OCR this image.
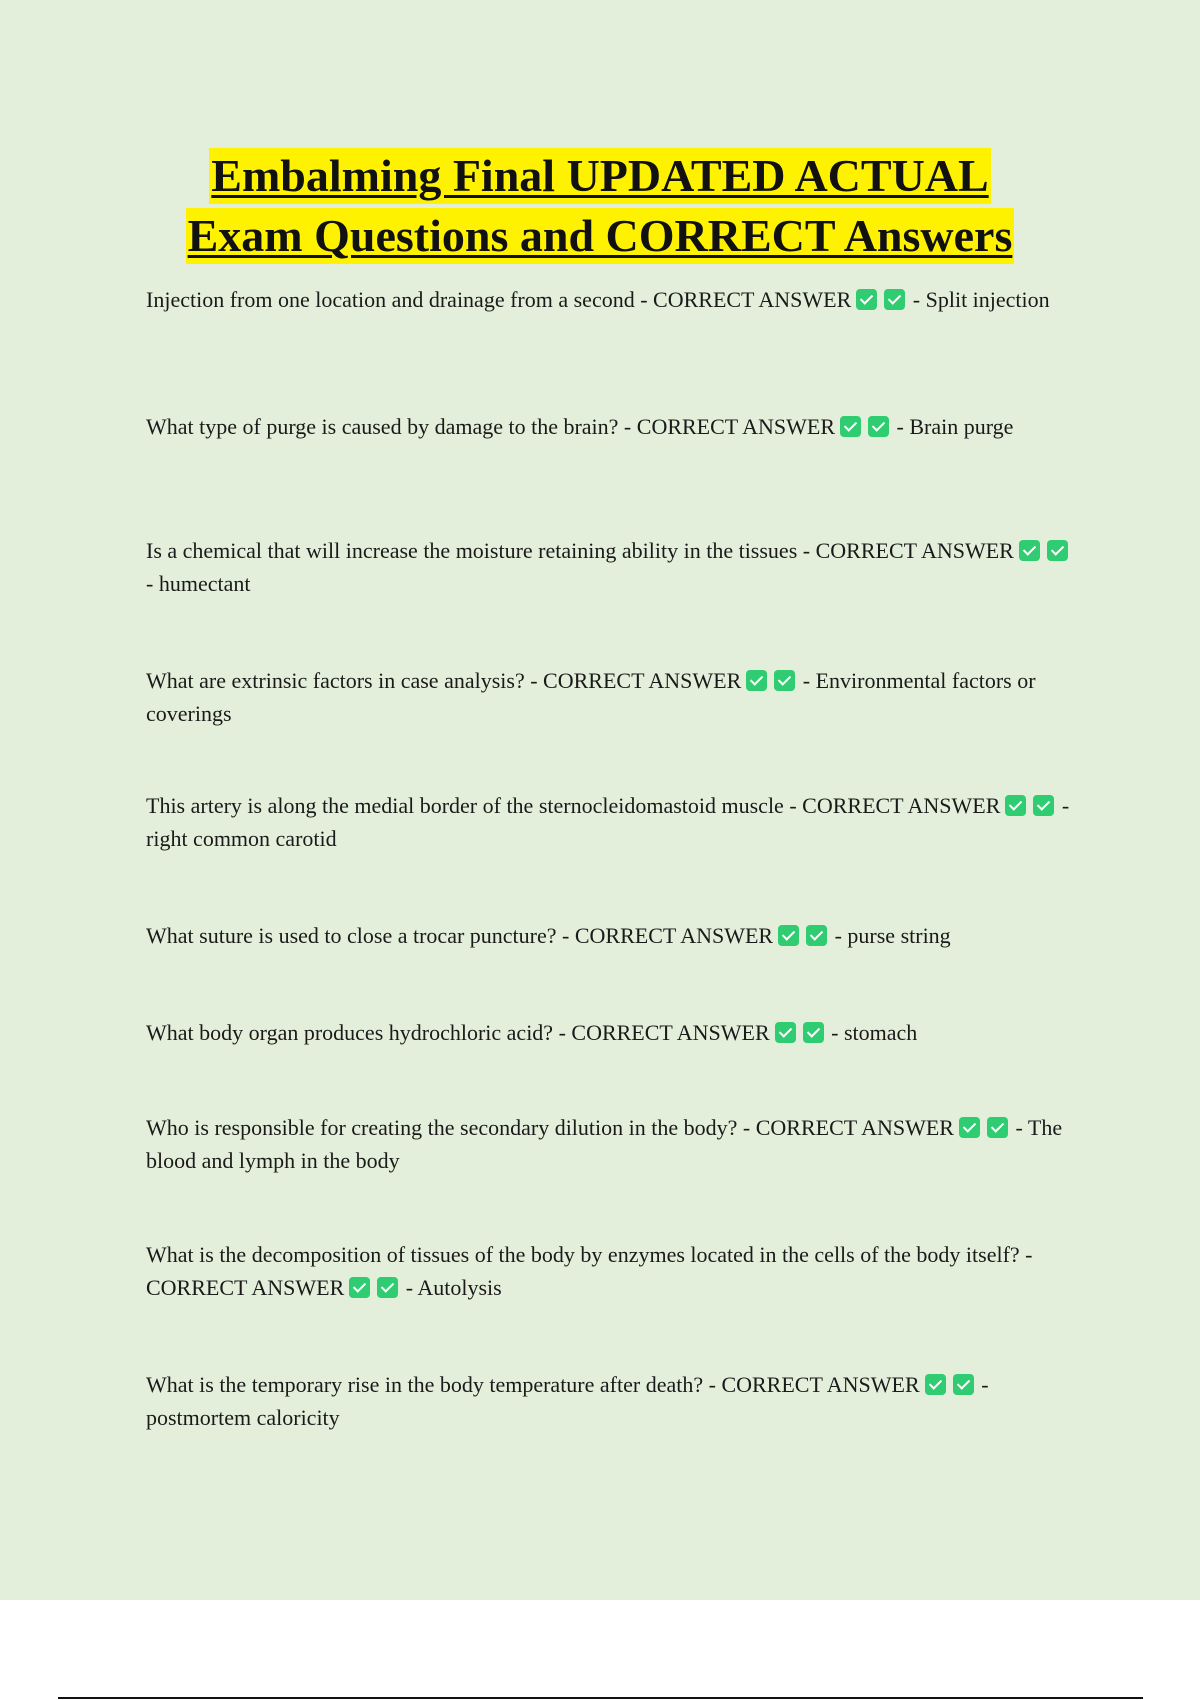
Embalming Final UPDATED ACTUAL
Exam Questions and CORRECT Answers
Injection from one location and drainage from a second - CORRECT ANSWER	- Split injection
What type of purge is caused by damage to the brain? - CORRECT ANSWER	- Brain purge
Is a chemical that will increase the moisture retaining ability in the tissues - CORRECT ANSWER - humectant
What are extrinsic factors in case analysis? - CORRECT ANSWER	- Environmental factors or coverings
This artery is along the medial border of the sternocleidomastoid muscle - CORRECT ANSWER	- right common carotid
What suture is used to close a trocar puncture? - CORRECT ANSWER	- purse string
What body organ produces hydrochloric acid? - CORRECT ANSWER	- stomach
Who is responsible for creating the secondary dilution in the body? - CORRECT ANSWER	- The blood and lymph in the body
What is the decomposition of tissues of the body by enzymes located in the cells of the body itself? - CORRECT ANSWER	- Autolysis
What is the temporary rise in the body temperature after death? - CORRECT ANSWER	- postmortem caloricity
